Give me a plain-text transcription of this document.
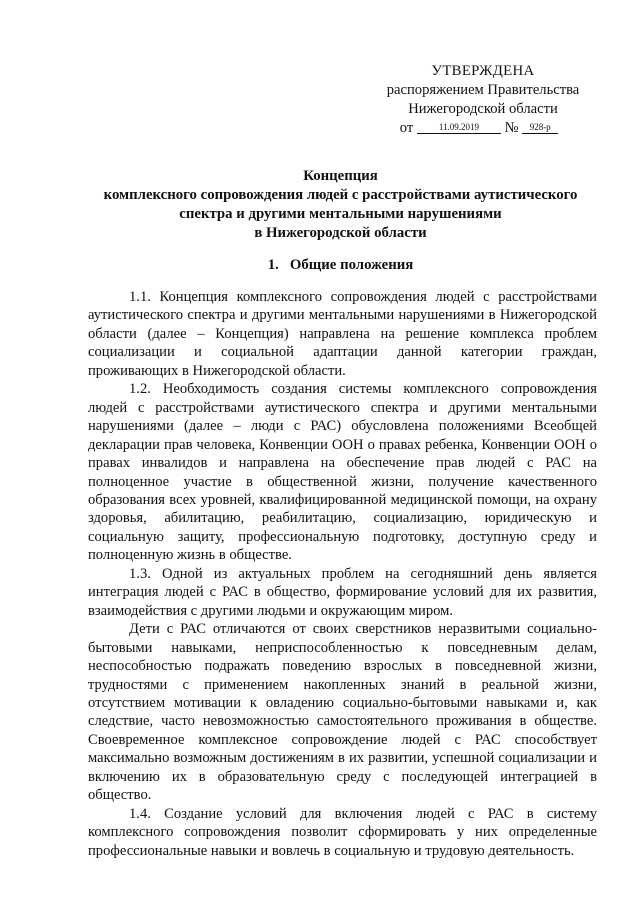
УТВЕРЖДЕНА
распоряжением Правительства
Нижегородской области
от	11.09.2019 № 928-р
Концепция
комплексного сопровождения людей с расстройствами аутистического
спектра и другими ментальными нарушениями
в Нижегородской области
1.   Общие положения

1.1. Концепция комплексного сопровождения людей с расстройствами аутистического спектра и другими ментальными нарушениями в Нижегородской области (далее – Концепция) направлена на решение комплекса проблем социализации и социальной адаптации данной категории граждан, проживающих в Нижегородской области.

1.2. Необходимость создания системы комплексного сопровождения людей с расстройствами аутистического спектра и другими ментальными нарушениями (далее – люди с РАС) обусловлена положениями Всеобщей декларации прав человека, Конвенции ООН о правах ребенка, Конвенции ООН о правах инвалидов и направлена на обеспечение прав людей с РАС на полноценное участие в общественной жизни, получение качественного образования всех уровней, квалифицированной медицинской помощи, на охрану здоровья, абилитацию, реабилитацию, социализацию, юридическую и социальную защиту, профессиональную подготовку, доступную среду и полноценную жизнь в обществе.

1.3. Одной из актуальных проблем на сегодняшний день является интеграция людей с РАС в общество, формирование условий для их развития, взаимодействия с другими людьми и окружающим миром.

Дети с РАС отличаются от своих сверстников неразвитыми социально-бытовыми навыками, неприспособленностью к повседневным делам, неспособностью подражать поведению взрослых в повседневной жизни, трудностями с применением накопленных знаний в реальной жизни, отсутствием мотивации к овладению социально-бытовыми навыками и, как следствие, часто невозможностью самостоятельного проживания в обществе. Своевременное комплексное сопровождение людей с РАС способствует максимально возможным достижениям в их развитии, успешной социализации и включению их в образовательную среду с последующей интеграцией в общество.

1.4. Создание условий для включения людей с РАС в систему комплексного сопровождения позволит сформировать у них определенные профессиональные навыки и вовлечь в социальную и трудовую деятельность.
